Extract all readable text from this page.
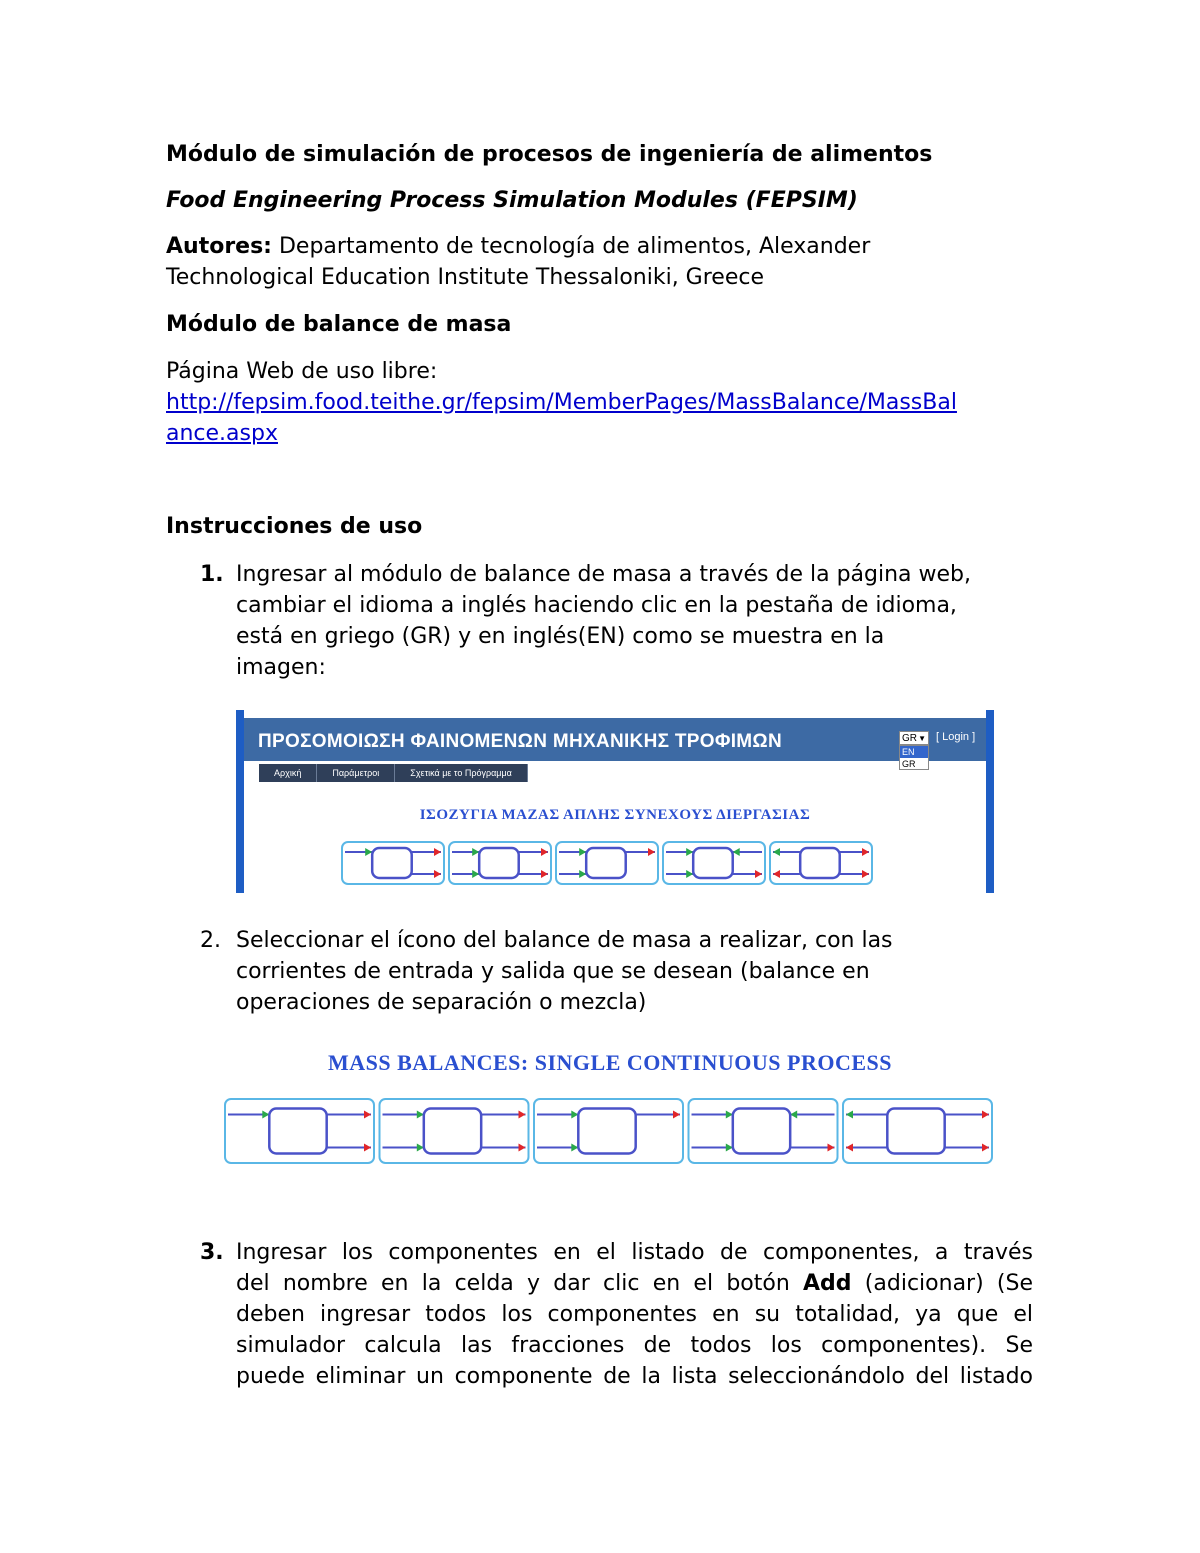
Módulo de simulación de procesos de ingeniería de alimentos
Food Engineering Process Simulation Modules (FEPSIM)
Autores: Departamento de tecnología de alimentos, Alexander
Technological Education Institute Thessaloniki, Greece
Módulo de balance de masa
Página Web de uso libre:
http://fepsim.food.teithe.gr/fepsim/MemberPages/MassBalance/MassBal
ance.aspx
Instrucciones de uso
1. Ingresar al módulo de balance de masa a través de la página web,
cambiar el idioma a inglés haciendo clic en la pestaña de idioma,
está en griego (GR) y en inglés(EN) como se muestra en la
imagen:
ΠΡΟΣΟΜΟΙΩΣΗ ΦΑΙΝΟΜΕΝΩΝ ΜΗΧΑΝΙΚΗΣ ΤΡΟΦΙΜΩΝ	GR ▼ [ Login ]
EN
GR
Αρχική	Παράμετροι	Σχετικά με το Πρόγραμμα
ΙΣΟΖΥΓΙΑ ΜΑΖΑΣ ΑΠΛΗΣ ΣΥΝΕΧΟΥΣ ΔΙΕΡΓΑΣΙΑΣ
2. Seleccionar el ícono del balance de masa a realizar, con las
corrientes de entrada y salida que se desean (balance en
operaciones de separación o mezcla)
MASS BALANCES: SINGLE CONTINUOUS PROCESS
3. Ingresar los componentes en el listado de componentes, a través
del nombre en la celda y dar clic en el botón Add (adicionar) (Se
deben ingresar todos los componentes en su totalidad, ya que el
simulador calcula las fracciones de todos los componentes). Se
puede eliminar un componente de la lista seleccionándolo del listado
